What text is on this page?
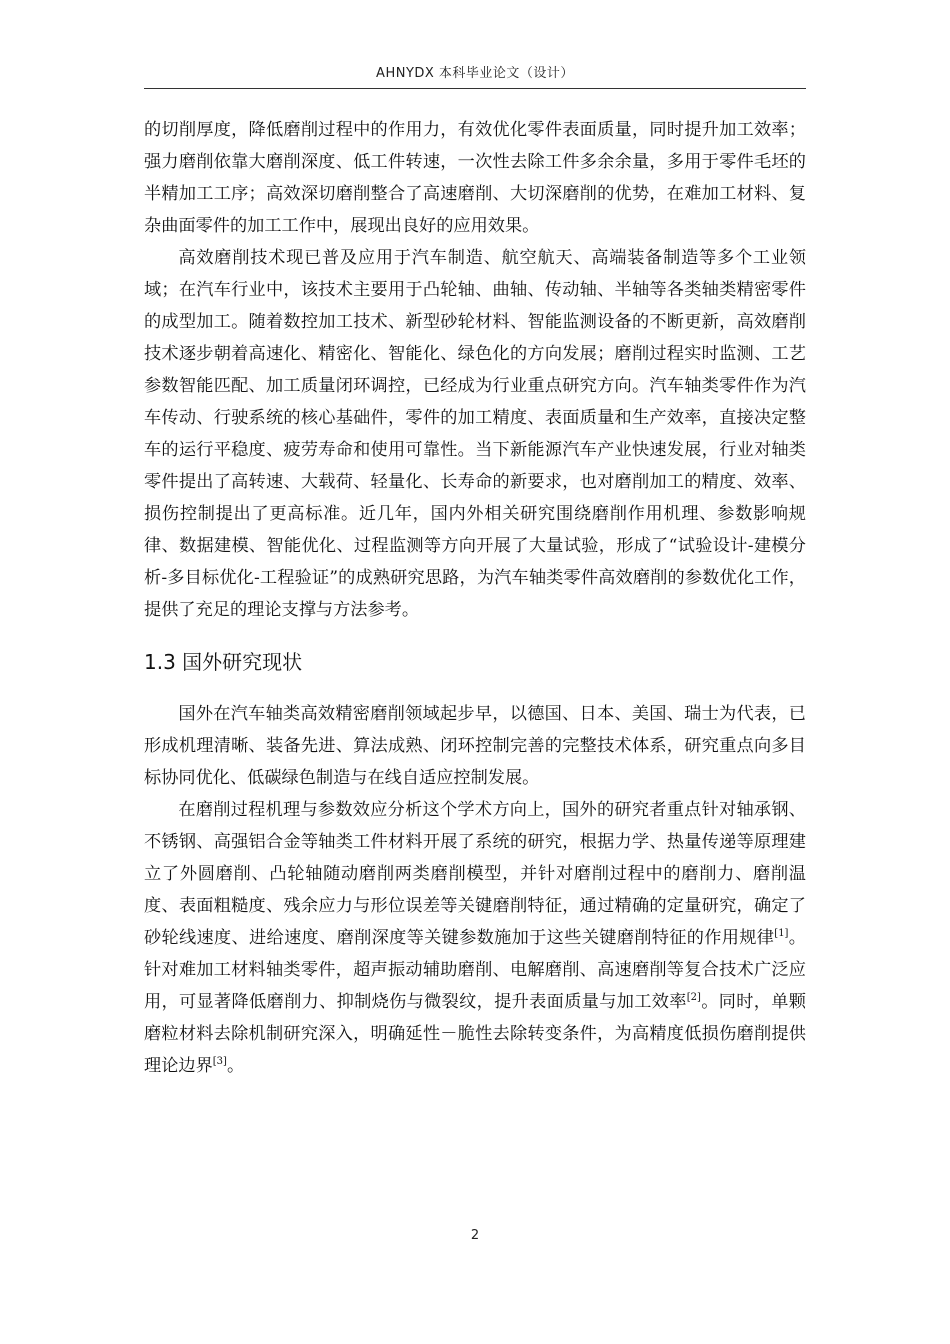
AHNYDX 本科毕业论文（设计）

的切削厚度，降低磨削过程中的作用力，有效优化零件表面质量，同时提升加工效率；强力磨削依靠大磨削深度、低工件转速，一次性去除工件多余余量，多用于零件毛坯的半精加工工序；高效深切磨削整合了高速磨削、大切深磨削的优势，在难加工材料、复杂曲面零件的加工工作中，展现出良好的应用效果。

高效磨削技术现已普及应用于汽车制造、航空航天、高端装备制造等多个工业领域；在汽车行业中，该技术主要用于凸轮轴、曲轴、传动轴、半轴等各类轴类精密零件的成型加工。随着数控加工技术、新型砂轮材料、智能监测设备的不断更新，高效磨削技术逐步朝着高速化、精密化、智能化、绿色化的方向发展；磨削过程实时监测、工艺参数智能匹配、加工质量闭环调控，已经成为行业重点研究方向。汽车轴类零件作为汽车传动、行驶系统的核心基础件，零件的加工精度、表面质量和生产效率，直接决定整车的运行平稳度、疲劳寿命和使用可靠性。当下新能源汽车产业快速发展，行业对轴类零件提出了高转速、大载荷、轻量化、长寿命的新要求，也对磨削加工的精度、效率、损伤控制提出了更高标准。近几年，国内外相关研究围绕磨削作用机理、参数影响规律、数据建模、智能优化、过程监测等方向开展了大量试验，形成了“试验设计-建模分析-多目标优化-工程验证”的成熟研究思路，为汽车轴类零件高效磨削的参数优化工作，提供了充足的理论支撑与方法参考。

1.3 国外研究现状

国外在汽车轴类高效精密磨削领域起步早，以德国、日本、美国、瑞士为代表，已形成机理清晰、装备先进、算法成熟、闭环控制完善的完整技术体系，研究重点向多目标协同优化、低碳绿色制造与在线自适应控制发展。

在磨削过程机理与参数效应分析这个学术方向上，国外的研究者重点针对轴承钢、不锈钢、高强铝合金等轴类工件材料开展了系统的研究，根据力学、热量传递等原理建立了外圆磨削、凸轮轴随动磨削两类磨削模型，并针对磨削过程中的磨削力、磨削温度、表面粗糙度、残余应力与形位误差等关键磨削特征，通过精确的定量研究，确定了砂轮线速度、进给速度、磨削深度等关键参数施加于这些关键磨削特征的作用规律[1]。针对难加工材料轴类零件，超声振动辅助磨削、电解磨削、高速磨削等复合技术广泛应用，可显著降低磨削力、抑制烧伤与微裂纹，提升表面质量与加工效率[2]。同时，单颗磨粒材料去除机制研究深入，明确延性－脆性去除转变条件，为高精度低损伤磨削提供理论边界[3]。

2
